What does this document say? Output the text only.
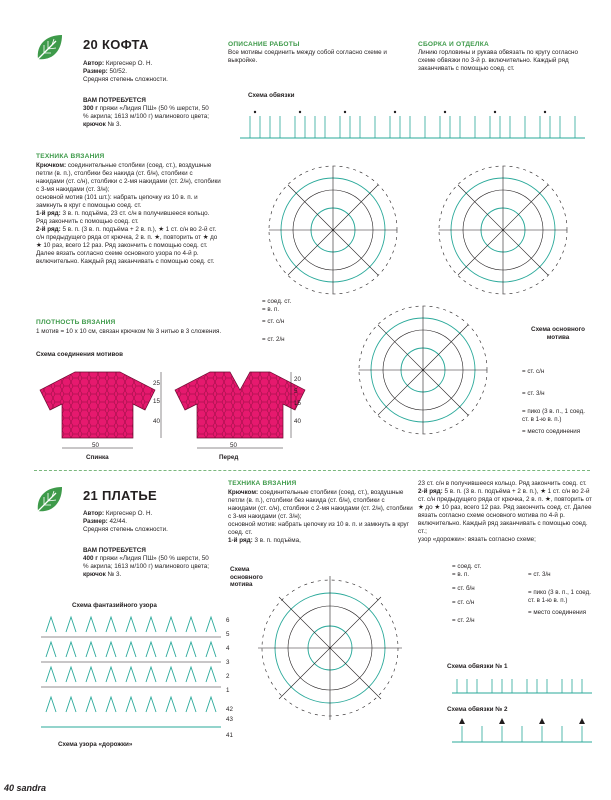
20 КОФТА
Автор: Киргеснер О. Н.
Размер: 50/52.
Средняя степень сложности.
ВАМ ПОТРЕБУЕТСЯ
300 г пряжи «Лидия ПШ» (50 % шерсти, 50 % акрила; 1613 м/100 г) малинового цвета;
крючок № 3.
ТЕХНИКА ВЯЗАНИЯ
Крючком: соединительные столбики (соед. ст.), воздушные петли (в. п.), столбики без накида (ст. б/н), столбики с накидами (ст. с/н), столбики с 2-мя накидами (ст. 2/н), столбики с 3-мя накидами (ст. 3/н);
основной мотив (101 шт.): набрать цепочку из 10 в. п. и замкнуть в круг с помощью соед. ст.
1-й ряд: 3 в. п. подъёма, 23 ст. с/н в получившееся кольцо. Ряд закончить с помощью соед. ст.
2-й ряд: 5 в. п. (3 в. п. подъёма + 2 в. п.), ★ 1 ст. с/н во 2-й ст. с/н предыдущего ряда от крючка, 2 в. п. ★, повторить от ★ до ★ 10 раз, всего 12 раз. Ряд закончить с помощью соед. ст.
Далее вязать согласно схеме основного узора по 4-й р. включительно. Каждый ряд заканчивать с помощью соед. ст.
ПЛОТНОСТЬ ВЯЗАНИЯ
1 мотив = 10 х 10 см, связан крючком № 3 нитью в 3 сложения.
Схема соединения мотивов
25
15
40
20
5
15
40
50	50
Спинка	Перед
ОПИСАНИЕ РАБОТЫ
Все мотивы соединить между собой согласно схеме и выкройке.
СБОРКА И ОТДЕЛКА
Линию горловины и рукава обвязать по кругу согласно схеме обвязки по 3-й р. включительно. Каждый ряд заканчивать с помощью соед. ст.
Схема обвязки
Схема основного мотива
= соед. ст.
= в. п.
= ст. с/н
= ст. 2/н
= ст. с/н
= ст. 3/н
= пико (3 в. п., 1 соед. ст. в 1-ю в. п.)
= место соединения
21 ПЛАТЬЕ
Автор: Киргеснер О. Н.
Размер: 42/44.
Средняя степень сложности.
ВАМ ПОТРЕБУЕТСЯ
400 г пряжи «Лидия ПШ» (50 % шерсти, 50 % акрила; 1613 м/100 г) малинового цвета;
крючок № 3.
Схема фантазийного узора
6
5
4
3
2
1
42
43
41
Схема узора «дорожки»
ТЕХНИКА ВЯЗАНИЯ
Крючком: соединительные столбики (соед. ст.), воздушные петли (в. п.), столбики без накида (ст. б/н), столбики с накидами (ст. с/н), столбики с 2-мя накидами (ст. 2/н), столбики с 3-мя накидами (ст. 3/н);
основной мотив: набрать цепочку из 10 в. п. и замкнуть в круг соед. ст.
1-й ряд: 3 в. п. подъёма,
23 ст. с/н в получившееся кольцо. Ряд закончить соед. ст.
2-й ряд: 5 в. п. (3 в. п. подъёма + 2 в. п.), ★ 1 ст. с/н во 2-й ст. с/н предыдущего ряда от крючка, 2 в. п. ★, повторить от ★ до ★ 10 раз, всего 12 раз. Ряд закончить соед. ст. Далее вязать согласно схеме основного мотива по 4-й р. включительно. Каждый ряд заканчивать с помощью соед. ст.;
узор «дорожки»: вязать согласно схеме;
Схема основного мотива
= соед. ст.
= в. п.
= ст. б/н
= ст. с/н
= ст. 2/н
= ст. 3/н
= пико (3 в. п., 1 соед. ст. в 1-ю в. п.)
= место соединения
Схема обвязки № 1
Схема обвязки № 2
40 sandra
